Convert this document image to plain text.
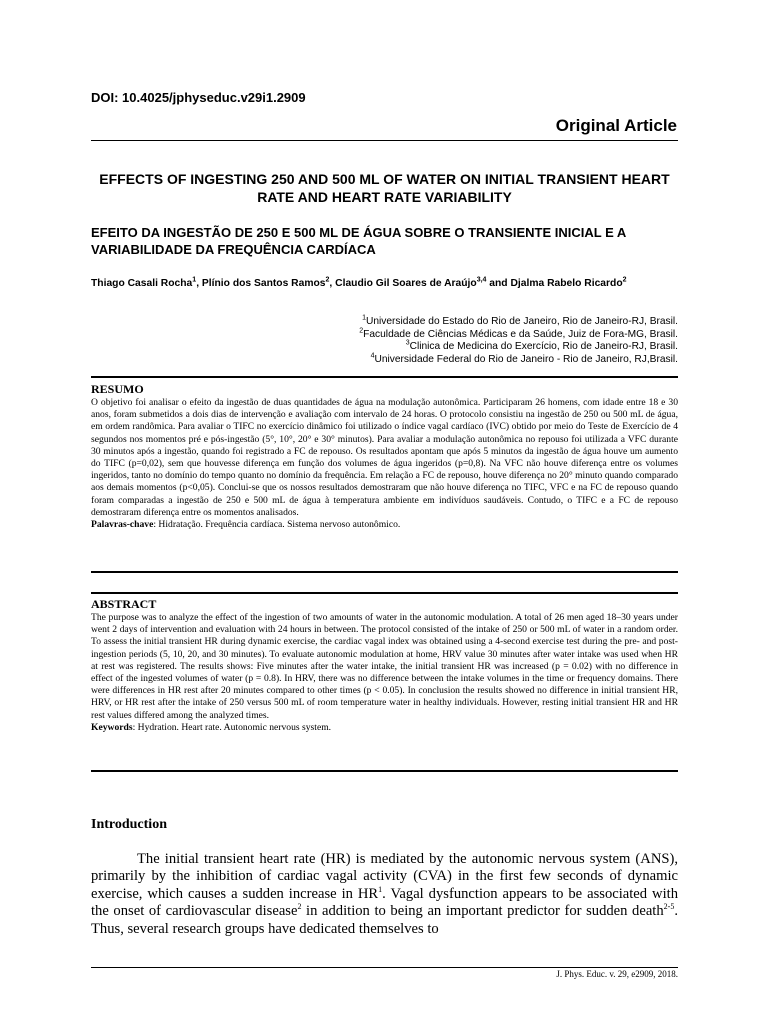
DOI: 10.4025/jphyseduc.v29i1.2909
Original Article
EFFECTS OF INGESTING 250 AND 500 ML OF WATER ON INITIAL TRANSIENT HEART RATE AND HEART RATE VARIABILITY
EFEITO DA INGESTÃO DE 250 E 500 ML DE ÁGUA SOBRE O TRANSIENTE INICIAL E A VARIABILIDADE DA FREQUÊNCIA CARDÍACA
Thiago Casali Rocha$^1$, Plínio dos Santos Ramos$^2$, Claudio Gil Soares de Araújo$^{3,4}$ and Djalma Rabelo Ricardo$^2$
$^1$Universidade do Estado do Rio de Janeiro, Rio de Janeiro-RJ, Brasil.
$^2$Faculdade de Ciências Médicas e da Saúde, Juiz de Fora-MG, Brasil.
$^3$Clinica de Medicina do Exercício, Rio de Janeiro-RJ, Brasil.
$^4$Universidade Federal do Rio de Janeiro - Rio de Janeiro, RJ,Brasil.
RESUMO

O objetivo foi analisar o efeito da ingestão de duas quantidades de água na modulação autonômica. Participaram 26 homens, com idade entre 18 e 30 anos, foram submetidos a dois dias de intervenção e avaliação com intervalo de 24 horas. O protocolo consistiu na ingestão de 250 ou 500 mL de água, em ordem randômica. Para avaliar o TIFC no exercício dinâmico foi utilizado o índice vagal cardíaco (IVC) obtido por meio do Teste de Exercício de 4 segundos nos momentos pré e pós-ingestão (5°, 10°, 20° e 30° minutos). Para avaliar a modulação autonômica no repouso foi utilizada a VFC durante 30 minutos após a ingestão, quando foi registrado a FC de repouso. Os resultados apontam que após 5 minutos da ingestão de água houve um aumento do TIFC (p=0,02), sem que houvesse diferença em função dos volumes de água ingeridos (p=0,8). Na VFC não houve diferença entre os volumes ingeridos, tanto no domínio do tempo quanto no domínio da frequência. Em relação a FC de repouso, houve diferença no 20° minuto quando comparado aos demais momentos (p<0,05). Conclui-se que os nossos resultados demostraram que não houve diferença no TIFC, VFC e na FC de repouso quando foram comparadas a ingestão de 250 e 500 mL de água à temperatura ambiente em indivíduos saudáveis. Contudo, o TIFC e a FC de repouso demostraram diferença entre os momentos analisados.

Palavras-chave: Hidratação. Frequência cardíaca. Sistema nervoso autonômico.

ABSTRACT

The purpose was to analyze the effect of the ingestion of two amounts of water in the autonomic modulation. A total of 26 men aged 18–30 years under went 2 days of intervention and evaluation with 24 hours in between. The protocol consisted of the intake of 250 or 500 mL of water in a random order. To assess the initial transient HR during dynamic exercise, the cardiac vagal index was obtained using a 4-second exercise test during the pre- and post-ingestion periods (5, 10, 20, and 30 minutes). To evaluate autonomic modulation at home, HRV value 30 minutes after water intake was used when HR at rest was registered. The results shows: Five minutes after the water intake, the initial transient HR was increased (p = 0.02) with no difference in effect of the ingested volumes of water (p = 0.8). In HRV, there was no difference between the intake volumes in the time or frequency domains. There were differences in HR rest after 20 minutes compared to other times (p < 0.05). In conclusion the results showed no difference in initial transient HR, HRV, or HR rest after the intake of 250 versus 500 mL of room temperature water in healthy individuals. However, resting initial transient HR and HR rest values differed among the analyzed times.

Keywords: Hydration. Heart rate. Autonomic nervous system.

Introduction

The initial transient heart rate (HR) is mediated by the autonomic nervous system (ANS), primarily by the inhibition of cardiac vagal activity (CVA) in the first few seconds of dynamic exercise, which causes a sudden increase in $HR^1$. Vagal dysfunction appears to be associated with the onset of cardiovascular disease$^2$ in addition to being an important predictor for sudden death$^{2-5}$. Thus, several research groups have dedicated themselves to

J. Phys. Educ. v. 29, e2909, 2018.
